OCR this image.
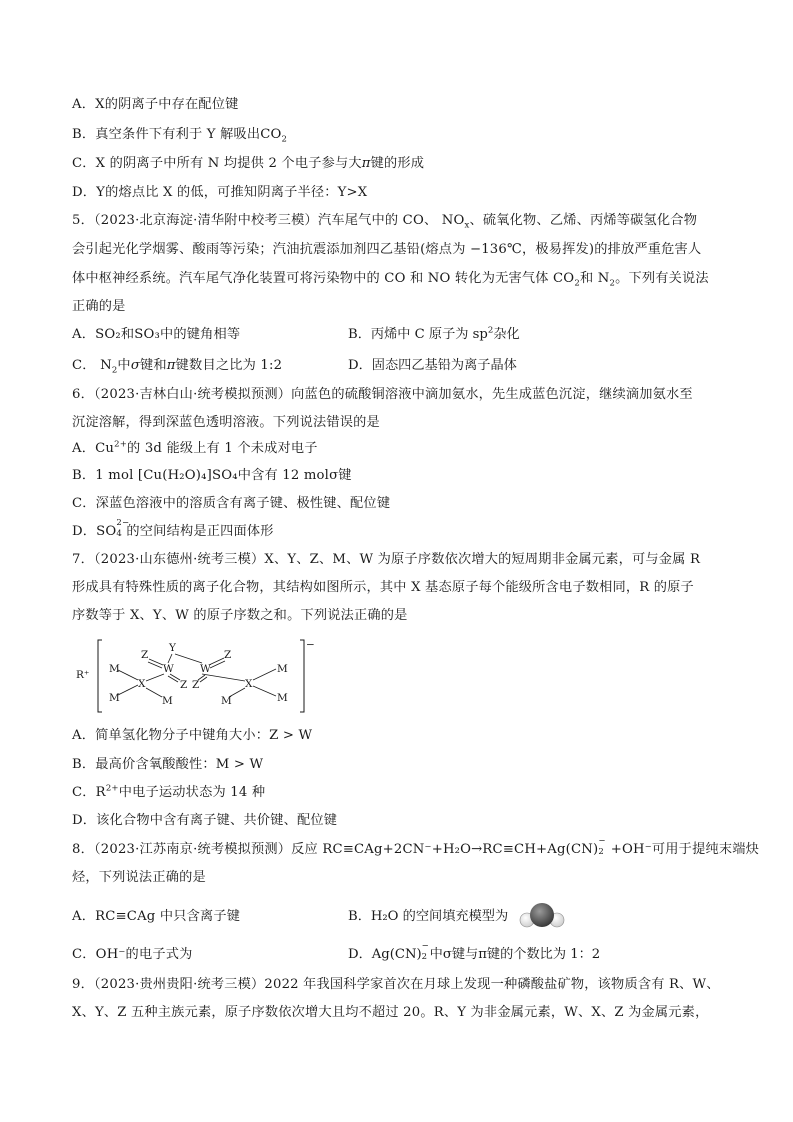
A．X的阴离子中存在配位键
B．真空条件下有利于 Y 解吸出$CO_2$
C．X 的阴离子中所有 N 均提供 2 个电子参与大π键的形成
D．Y的熔点比 X 的低，可推知阴离子半径：Y>X
5．（2023·北京海淀·清华附中校考三模）汽车尾气中的 CO、 $NO_x$、硫氧化物、乙烯、丙烯等碳氢化合物
会引起光化学烟雾、酸雨等污染；汽油抗震添加剂四乙基铅(熔点为 −136℃，极易挥发)的排放严重危害人
体中枢神经系统。汽车尾气净化装置可将污染物中的 CO 和 NO 转化为无害气体 $CO_2$和 $N_2$。下列有关说法
正确的是
A．SO₂和SO₃中的键角相等	B．丙烯中 C 原子为 $sp^2$杂化
C． $N_2$中σ键和π键数目之比为 1:2	D．固态四乙基铅为离子晶体
6．（2023·吉林白山·统考模拟预测）向蓝色的硫酸铜溶液中滴加氨水，先生成蓝色沉淀，继续滴加氨水至
沉淀溶解，得到深蓝色透明溶液。下列说法错误的是
A．$Cu^{2+}$的 3d 能级上有 1 个未成对电子
B．1 mol [Cu(H₂O)₄]SO₄中含有 12 molσ键
C．深蓝色溶液中的溶质含有离子键、极性键、配位键
D．SO
2−
4 的空间结构是正四面体形
7．（2023·山东德州·统考三模）X、Y、Z、M、W 为原子序数依次增大的短周期非金属元素，可与金属 R
形成具有特殊性质的离子化合物，其结构如图所示，其中 X 基态原子每个能级所含电子数相同，R 的原子
序数等于 X、Y、W 的原子序数之和。下列说法正确的是
R⁺
−
Z
Y
W W
Z
Z Z
X	X
M
M	M	M
M
M
A．简单氢化物分子中键角大小：Z > W
B．最高价含氧酸酸性：M > W
C．$R^{2+}$中电子运动状态为 14 种
D．该化合物中含有离子键、共价键、配位键
8．（2023·江苏南京·统考模拟预测）反应 RC≡CAg+2CN⁻+H₂O→RC≡CH+Ag(CN)
−
2 +OH⁻可用于提纯末端炔
烃，下列说法正确的是
A．RC≡CAg 中只含离子键	B．H₂O 的空间填充模型为
C．OH⁻的电子式为	D．Ag(CN)
−
2 中σ键与π键的个数比为 1：2
9．（2023·贵州贵阳·统考三模）2022 年我国科学家首次在月球上发现一种磷酸盐矿物，该物质含有 R、W、
X、Y、Z 五种主族元素，原子序数依次增大且均不超过 20。R、Y 为非金属元素，W、X、Z 为金属元素，
